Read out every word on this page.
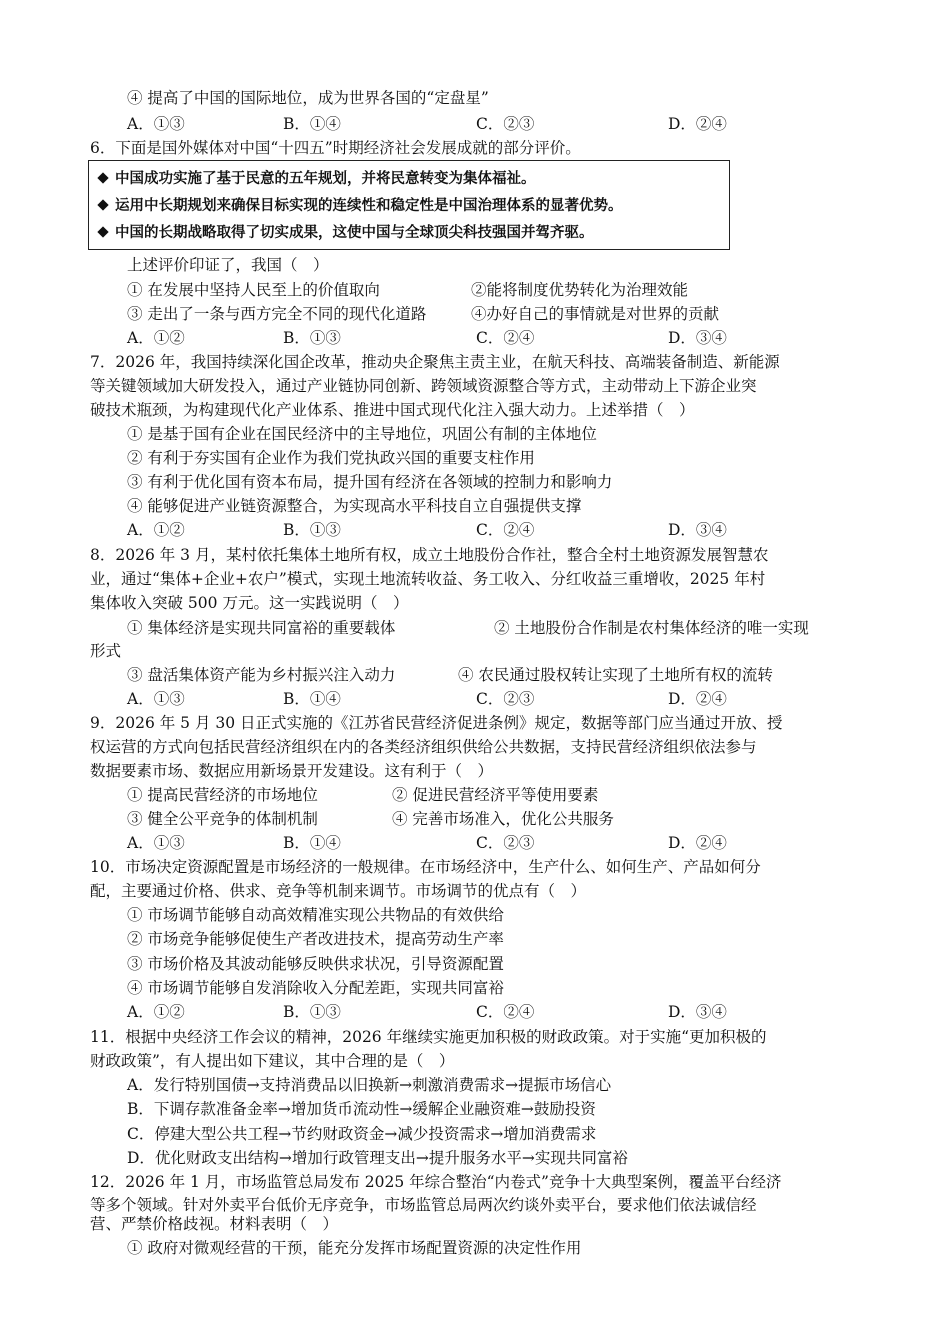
④ 提高了中国的国际地位，成为世界各国的“定盘星”
A．①③	B．①④	C．②③	D．②④
6．下面是国外媒体对中国“十四五”时期经济社会发展成就的部分评价。
中国成功实施了基于民意的五年规划，并将民意转变为集体福祉。
运用中长期规划来确保目标实现的连续性和稳定性是中国治理体系的显著优势。
中国的长期战略取得了切实成果，这使中国与全球顶尖科技强国并驾齐驱。
上述评价印证了，我国（　）
① 在发展中坚持人民至上的价值取向	②能将制度优势转化为治理效能
③ 走出了一条与西方完全不同的现代化道路	④办好自己的事情就是对世界的贡献
A．①②	B．①③	C．②④	D．③④
7．2026 年，我国持续深化国企改革，推动央企聚焦主责主业，在航天科技、高端装备制造、新能源
等关键领域加大研发投入，通过产业链协同创新、跨领域资源整合等方式，主动带动上下游企业突
破技术瓶颈，为构建现代化产业体系、推进中国式现代化注入强大动力。上述举措（　）
① 是基于国有企业在国民经济中的主导地位，巩固公有制的主体地位
② 有利于夯实国有企业作为我们党执政兴国的重要支柱作用
③ 有利于优化国有资本布局，提升国有经济在各领域的控制力和影响力
④ 能够促进产业链资源整合，为实现高水平科技自立自强提供支撑
A．①②	B．①③	C．②④	D．③④
8．2026 年 3 月，某村依托集体土地所有权，成立土地股份合作社，整合全村土地资源发展智慧农
业，通过“集体+企业+农户”模式，实现土地流转收益、务工收入、分红收益三重增收，2025 年村
集体收入突破 500 万元。这一实践说明（　）
① 集体经济是实现共同富裕的重要载体	② 土地股份合作制是农村集体经济的唯一实现
形式
③ 盘活集体资产能为乡村振兴注入动力	④ 农民通过股权转让实现了土地所有权的流转
A．①③	B．①④	C．②③	D．②④
9．2026 年 5 月 30 日正式实施的《江苏省民营经济促进条例》规定，数据等部门应当通过开放、授
权运营的方式向包括民营经济组织在内的各类经济组织供给公共数据，支持民营经济组织依法参与
数据要素市场、数据应用新场景开发建设。这有利于（　）
① 提高民营经济的市场地位	② 促进民营经济平等使用要素
③ 健全公平竞争的体制机制	④ 完善市场准入，优化公共服务
A．①③	B．①④	C．②③	D．②④
10．市场决定资源配置是市场经济的一般规律。在市场经济中，生产什么、如何生产、产品如何分
配，主要通过价格、供求、竞争等机制来调节。市场调节的优点有（　）
① 市场调节能够自动高效精准实现公共物品的有效供给
② 市场竞争能够促使生产者改进技术，提高劳动生产率
③ 市场价格及其波动能够反映供求状况，引导资源配置
④ 市场调节能够自发消除收入分配差距，实现共同富裕
A．①②	B．①③	C．②④	D．③④
11．根据中央经济工作会议的精神，2026 年继续实施更加积极的财政政策。对于实施“更加积极的
财政政策”，有人提出如下建议，其中合理的是（　）
A．发行特别国债→支持消费品以旧换新→刺激消费需求→提振市场信心
B．下调存款准备金率→增加货币流动性→缓解企业融资难→鼓励投资
C．停建大型公共工程→节约财政资金→减少投资需求→增加消费需求
D．优化财政支出结构→增加行政管理支出→提升服务水平→实现共同富裕
12．2026 年 1 月，市场监管总局发布 2025 年综合整治“内卷式”竞争十大典型案例，覆盖平台经济
等多个领域。针对外卖平台低价无序竞争，市场监管总局两次约谈外卖平台，要求他们依法诚信经
营、严禁价格歧视。材料表明（　）
① 政府对微观经营的干预，能充分发挥市场配置资源的决定性作用
